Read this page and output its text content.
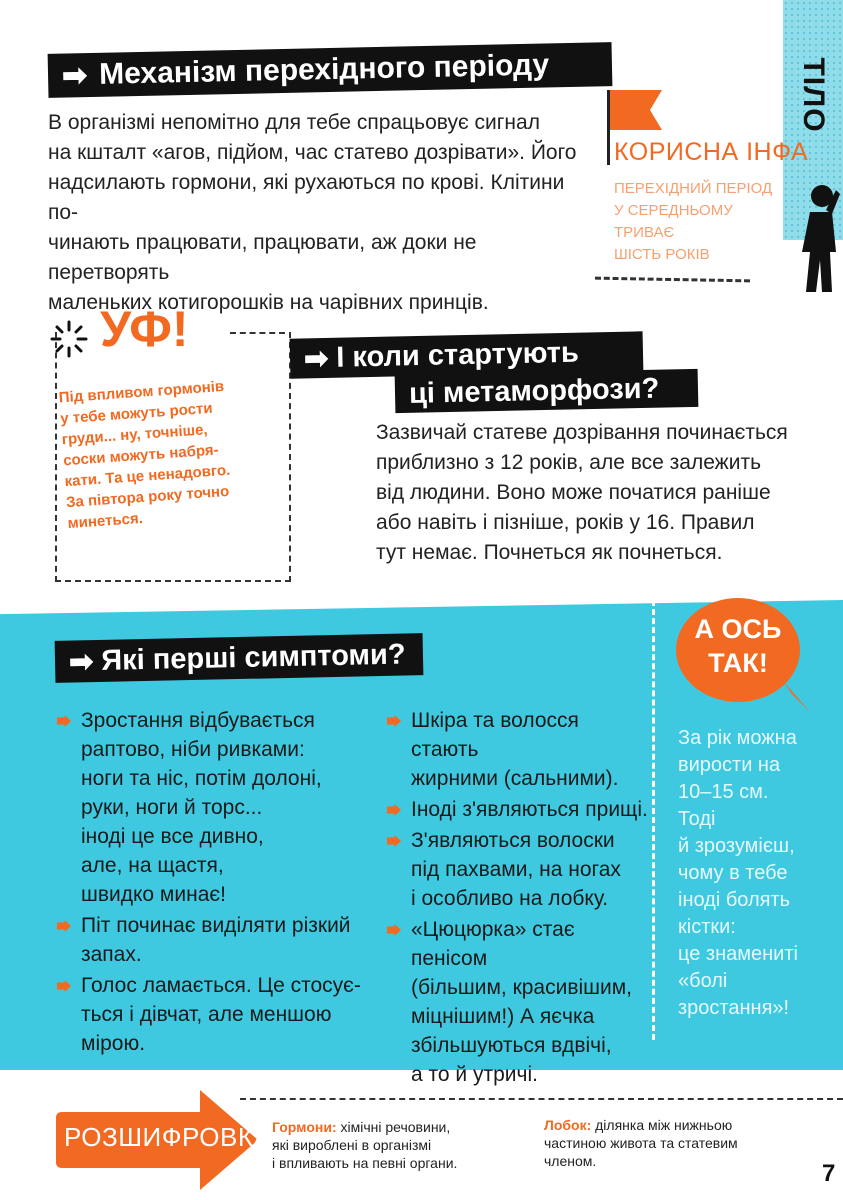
ТІЛО
➡ Механізм перехідного періоду
В організмі непомітно для тебе спрацьовує сигнал
на кшталт «агов, підйом, час статево дозрівати». Його
надсилають гормони, які рухаються по крові. Клітини по-
чинають працювати, працювати, аж доки не перетворять
маленьких котигорошків на чарівних принців.
КОРИСНА ІНФА
ПЕРЕХІДНИЙ ПЕРІОД
У СЕРЕДНЬОМУ ТРИВАЄ
ШІСТЬ РОКІВ
УФ!
Під впливом гормонів
у тебе можуть рости
груди... ну, точніше,
соски можуть набря-
кати. Та це ненадовго.
За півтора року точно
минеться.
➡ І коли стартують
ці метаморфози?
Зазвичай статеве дозрівання починається
приблизно з 12 років, але все залежить
від людини. Воно може початися раніше
або навіть і пізніше, років у 16. Правил
тут немає. Почнеться як почнеться.
➡ Які перші симптоми?
Зростання відбувається
раптово, ніби ривками:
ноги та ніс, потім долоні,
руки, ноги й торс...
іноді це все дивно,
але, на щастя,
швидко минає!
Піт починає виділяти різкий
запах.
Голос ламається. Це стосує-
ться і дівчат, але меншою
мірою.
Шкіра та волосся стають
жирними (сальними).
Іноді з'являються прищі.
З'являються волоски
під пахвами, на ногах
і особливо на лобку.
«Цюцюрка» стає пенісом
(більшим, красивішим,
міцнішим!) А яєчка
збільшуються вдвічі,
а то й утричі.
А ОСЬ
ТАК!
За рік можна
вирости на
10–15 см.
Тоді
й зрозумієш,
чому в тебе
іноді болять
кістки:
це знамениті
«болі
зростання»!
РОЗШИФРОВКА Гормони: хімічні речовини,
які вироблені в організмі
і впливають на певні органи.
Лобок: ділянка між нижньою
частиною живота та статевим
членом.	7
